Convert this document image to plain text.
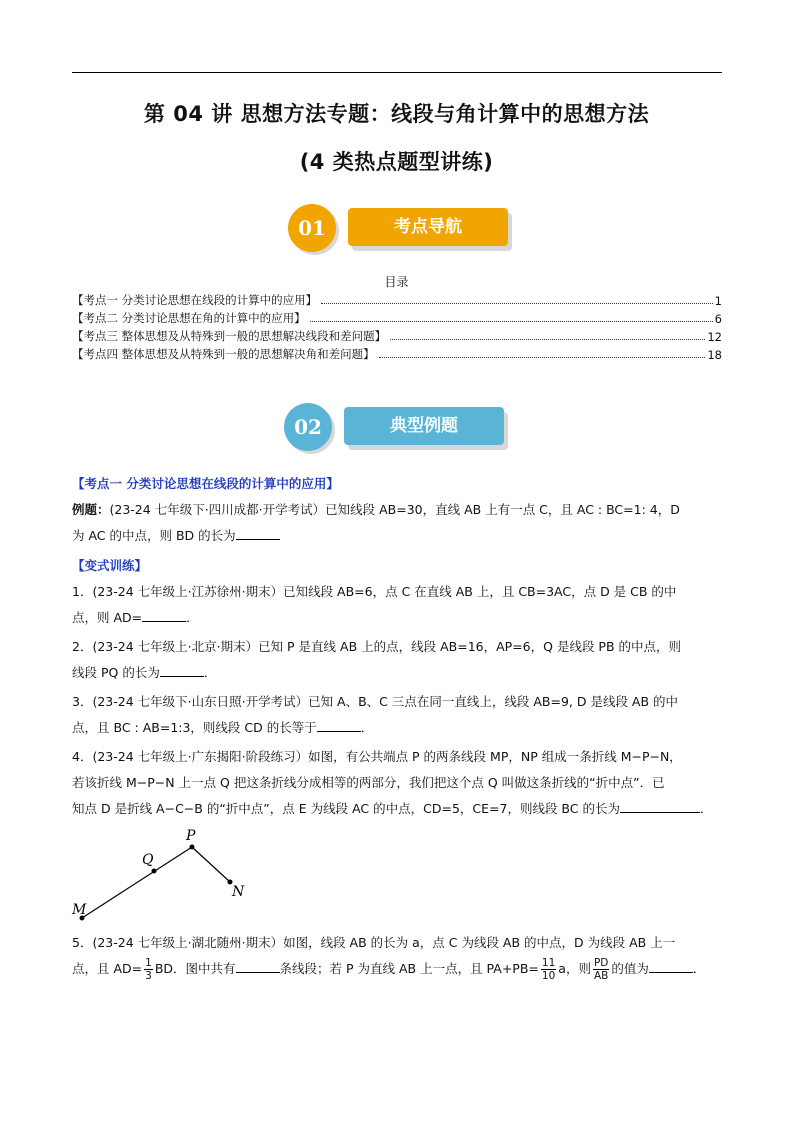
第 04 讲 思想方法专题：线段与角计算中的思想方法
(4 类热点题型讲练)
01	考点导航
目录
【考点一 分类讨论思想在线段的计算中的应用】	1
【考点二 分类讨论思想在角的计算中的应用】	6
【考点三 整体思想及从特殊到一般的思想解决线段和差问题】	12
【考点四 整体思想及从特殊到一般的思想解决角和差问题】	18
02	典型例题
【考点一 分类讨论思想在线段的计算中的应用】
例题：(23-24 七年级下·四川成都·开学考试）已知线段 AB=30，直线 AB 上有一点 C，且 AC : BC=1: 4，D
为 AC 的中点，则 BD 的长为
【变式训练】
1．(23-24 七年级上·江苏徐州·期末）已知线段 AB=6，点 C 在直线 AB 上，且 CB=3AC，点 D 是 CB 的中
点，则 AD=	．
2．(23-24 七年级上·北京·期末）已知 P 是直线 AB 上的点，线段 AB=16，AP=6，Q 是线段 PB 的中点，则
线段 PQ 的长为	．
3．(23-24 七年级下·山东日照·开学考试）已知 A、B、C 三点在同一直线上，线段 AB=9, D 是线段 AB 的中
点，且 BC : AB=1:3，则线段 CD 的长等于	．
4．(23-24 七年级上·广东揭阳·阶段练习）如图，有公共端点 P 的两条线段 MP，NP 组成一条折线 M−P−N，
若该折线 M−P−N 上一点 Q 把这条折线分成相等的两部分，我们把这个点 Q 叫做这条折线的“折中点”．已
知点 D 是折线 A−C−B 的“折中点”，点 E 为线段 AC 的中点，CD=5，CE=7，则线段 BC 的长为	．
P
Q
N
M
5．(23-24 七年级上·湖北随州·期末）如图，线段 AB 的长为 a，点 C 为线段 AB 的中点，D 为线段 AB 上一
点，且 $AD= \frac{1}{3}$ BD．图中共有	条线段；若 P 为直线 AB 上一点，且 $PA+PB= \frac{11}{10}$ a，则 $\frac{PD}{AB}$ 的值为	．
